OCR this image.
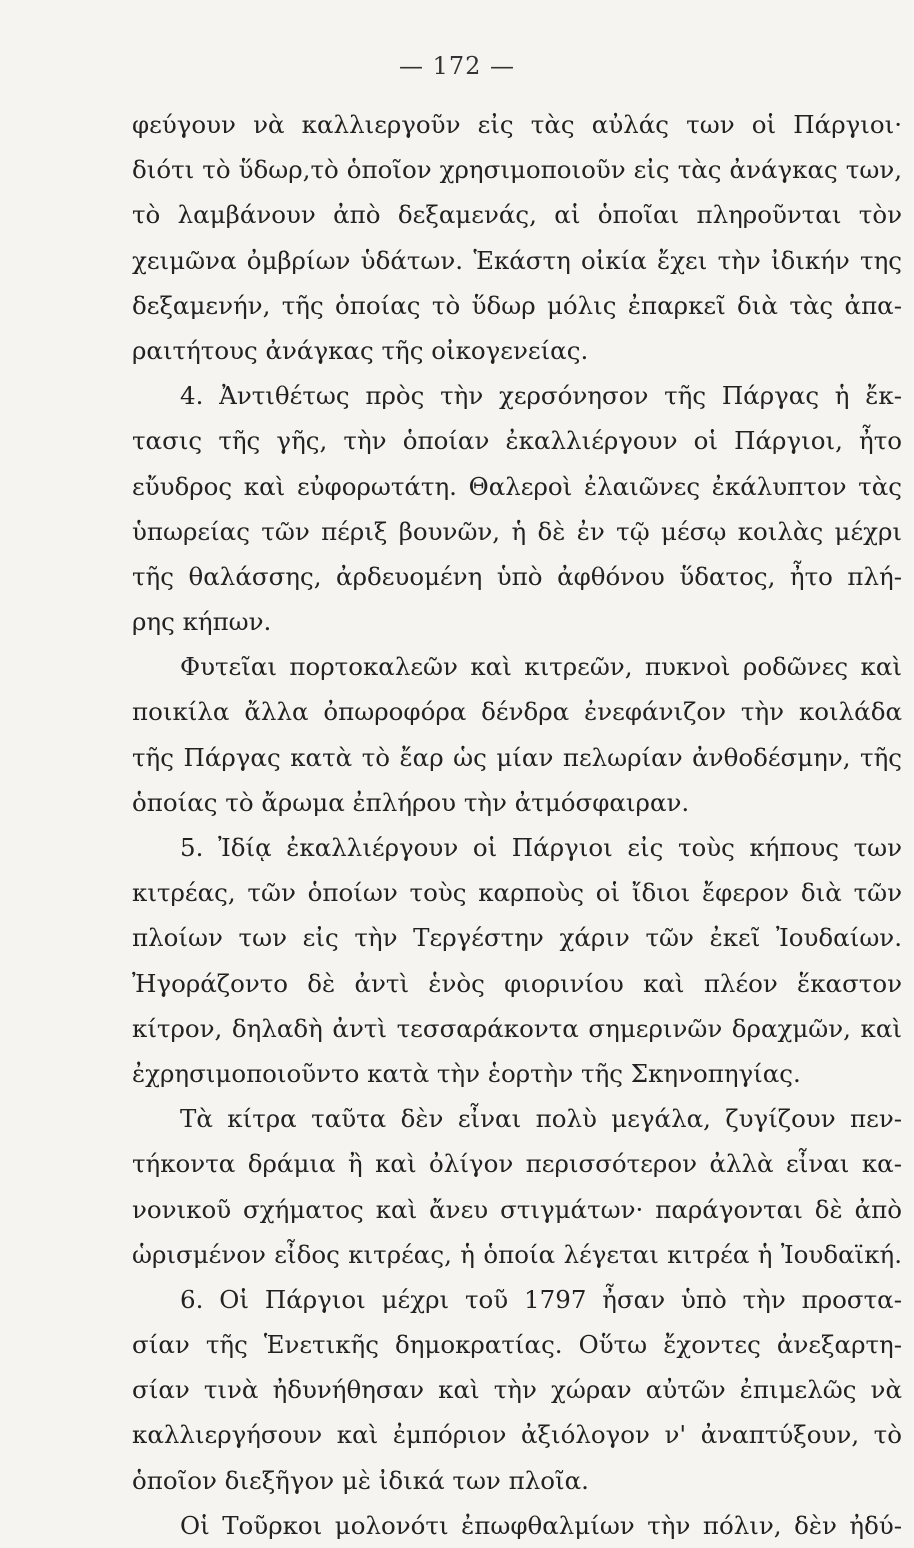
— 172 —
φεύγουν νὰ καλλιεργοῦν εἰς τὰς αὐλάς των οἱ Πάργιοι·
διότι τὸ ὕδωρ,τὸ ὁποῖον χρησιμοποιοῦν εἰς τὰς ἀνάγκας των,
τὸ λαμβάνουν ἀπὸ δεξαμενάς, αἱ ὁποῖαι πληροῦνται τὸν
χειμῶνα ὀμβρίων ὑδάτων. Ἑκάστη οἰκία ἔχει τὴν ἰδικήν της
δεξαμενήν, τῆς ὁποίας τὸ ὕδωρ μόλις ἐπαρκεῖ διὰ τὰς ἀπα-
ραιτήτους ἀνάγκας τῆς οἰκογενείας.
4. Ἀντιθέτως πρὸς τὴν χερσόνησον τῆς Πάργας ἡ ἔκ-
τασις τῆς γῆς, τὴν ὁποίαν ἐκαλλιέργουν οἱ Πάργιοι, ἦτο
εὔυδρος καὶ εὐφορωτάτη. Θαλεροὶ ἐλαιῶνες ἐκάλυπτον τὰς
ὑπωρείας τῶν πέριξ βουνῶν, ἡ δὲ ἐν τῷ μέσῳ κοιλὰς μέχρι
τῆς θαλάσσης, ἀρδευομένη ὑπὸ ἀφθόνου ὕδατος, ἦτο πλή-
ρης κήπων.
Φυτεῖαι πορτοκαλεῶν καὶ κιτρεῶν, πυκνοὶ ροδῶνες καὶ
ποικίλα ἄλλα ὀπωροφόρα δένδρα ἐνεφάνιζον τὴν κοιλάδα
τῆς Πάργας κατὰ τὸ ἔαρ ὡς μίαν πελωρίαν ἀνθοδέσμην, τῆς
ὁποίας τὸ ἄρωμα ἐπλήρου τὴν ἀτμόσφαιραν.
5. Ἰδίᾳ ἐκαλλιέργουν οἱ Πάργιοι εἰς τοὺς κήπους των
κιτρέας, τῶν ὁποίων τοὺς καρποὺς οἱ ἴδιοι ἔφερον διὰ τῶν
πλοίων των εἰς τὴν Τεργέστην χάριν τῶν ἐκεῖ Ἰουδαίων.
Ἠγοράζοντο δὲ ἀντὶ ἑνὸς φιορινίου καὶ πλέον ἕκαστον
κίτρον, δηλαδὴ ἀντὶ τεσσαράκοντα σημερινῶν δραχμῶν, καὶ
ἐχρησιμοποιοῦντο κατὰ τὴν ἑορτὴν τῆς Σκηνοπηγίας.
Τὰ κίτρα ταῦτα δὲν εἶναι πολὺ μεγάλα, ζυγίζουν πεν-
τήκοντα δράμια ἢ καὶ ὀλίγον περισσότερον ἀλλὰ εἶναι κα-
νονικοῦ σχήματος καὶ ἄνευ στιγμάτων· παράγονται δὲ ἀπὸ
ὡρισμένον εἶδος κιτρέας, ἡ ὁποία λέγεται κιτρέα ἡ Ἰουδαϊκή.
6. Οἱ Πάργιοι μέχρι τοῦ 1797 ἦσαν ὑπὸ τὴν προστα-
σίαν τῆς Ἑνετικῆς δημοκρατίας. Οὕτω ἔχοντες ἀνεξαρτη-
σίαν τινὰ ἠδυνήθησαν καὶ τὴν χώραν αὐτῶν ἐπιμελῶς νὰ
καλλιεργήσουν καὶ ἐμπόριον ἀξιόλογον ν' ἀναπτύξουν, τὸ
ὁποῖον διεξῆγον μὲ ἰδικά των πλοῖα.
Οἱ Τοῦρκοι μολονότι ἐπωφθαλμίων τὴν πόλιν, δὲν ἠδύ-
